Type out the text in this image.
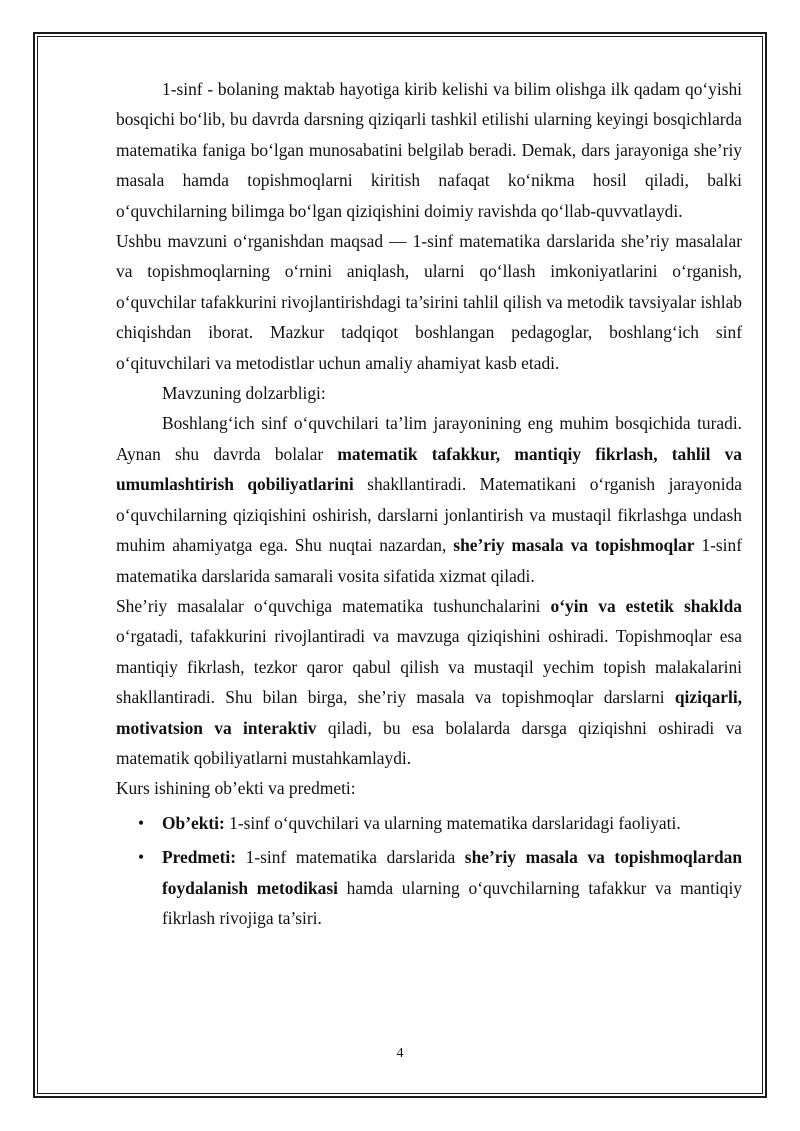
1-sinf - bolaning maktab hayotiga kirib kelishi va bilim olishga ilk qadam qo‘yishi bosqichi bo‘lib, bu davrda darsning qiziqarli tashkil etilishi ularning keyingi bosqichlarda matematika faniga bo‘lgan munosabatini belgilab beradi. Demak, dars jarayoniga she’riy masala hamda topishmoqlarni kiritish nafaqat ko‘nikma hosil qiladi, balki o‘quvchilarning bilimga bo‘lgan qiziqishini doimiy ravishda qo‘llab-quvvatlaydi.

Ushbu mavzuni o‘rganishdan maqsad — 1-sinf matematika darslarida she’riy masalalar va topishmoqlarning o‘rnini aniqlash, ularni qo‘llash imkoniyatlarini o‘rganish, o‘quvchilar tafakkurini rivojlantirishdagi ta’sirini tahlil qilish va metodik tavsiyalar ishlab chiqishdan iborat. Mazkur tadqiqot boshlangan pedagoglar, boshlang‘ich sinf o‘qituvchilari va metodistlar uchun amaliy ahamiyat kasb etadi.

Mavzuning dolzarbligi:

Boshlang‘ich sinf o‘quvchilari ta’lim jarayonining eng muhim bosqichida turadi. Aynan shu davrda bolalar matematik tafakkur, mantiqiy fikrlash, tahlil va umumlashtirish qobiliyatlarini shakllantiradi. Matematikani o‘rganish jarayonida o‘quvchilarning qiziqishini oshirish, darslarni jonlantirish va mustaqil fikrlashga undash muhim ahamiyatga ega. Shu nuqtai nazardan, she’riy masala va topishmoqlar 1-sinf matematika darslarida samarali vosita sifatida xizmat qiladi.

She’riy masalalar o‘quvchiga matematika tushunchalarini o‘yin va estetik shaklda o‘rgatadi, tafakkurini rivojlantiradi va mavzuga qiziqishini oshiradi. Topishmoqlar esa mantiqiy fikrlash, tezkor qaror qabul qilish va mustaqil yechim topish malakalarini shakllantiradi. Shu bilan birga, she’riy masala va topishmoqlar darslarni qiziqarli, motivatsion va interaktiv qiladi, bu esa bolalarda darsga qiziqishni oshiradi va matematik qobiliyatlarni mustahkamlaydi.

Kurs ishining ob’ekti va predmeti:

• Ob’ekti: 1-sinf o‘quvchilari va ularning matematika darslaridagi faoliyati.
• Predmeti: 1-sinf matematika darslarida she’riy masala va topishmoqlardan foydalanish metodikasi hamda ularning o‘quvchilarning tafakkur va mantiqiy fikrlash rivojiga ta’siri.
4
